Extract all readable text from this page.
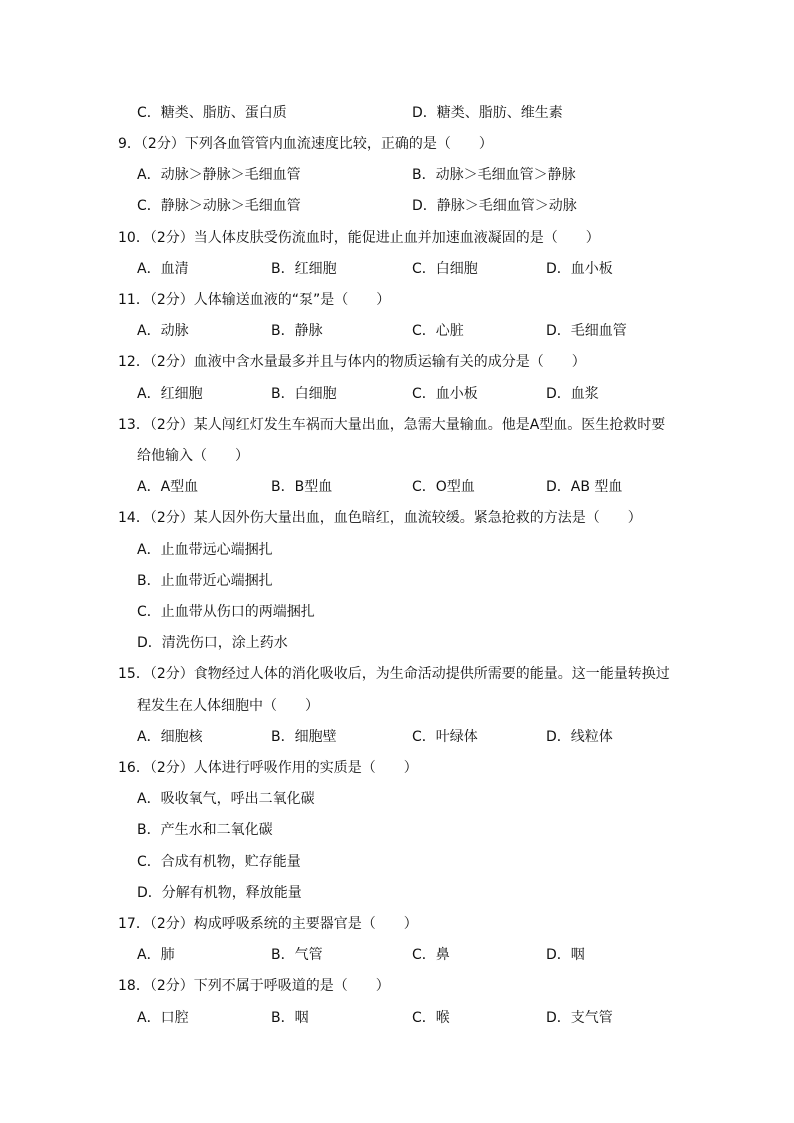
C．糖类、脂肪、蛋白质	D．糖类、脂肪、维生素
9．（2分）下列各血管管内血流速度比较，正确的是（　　）
A．动脉＞静脉＞毛细血管	B．动脉＞毛细血管＞静脉
C．静脉＞动脉＞毛细血管	D．静脉＞毛细血管＞动脉
10．（2分）当人体皮肤受伤流血时，能促进止血并加速血液凝固的是（　　）
A．血清	B．红细胞	C．白细胞	D．血小板
11．（2分）人体输送血液的“泵”是（　　）
A．动脉	B．静脉	C．心脏	D．毛细血管
12．（2分）血液中含水量最多并且与体内的物质运输有关的成分是（　　）
A．红细胞	B．白细胞	C．血小板	D．血浆
13．（2分）某人闯红灯发生车祸而大量出血，急需大量输血。他是A型血。医生抢救时要
给他输入（　　）
A．A型血	B．B型血	C．O型血	D．AB 型血
14．（2分）某人因外伤大量出血，血色暗红，血流较缓。紧急抢救的方法是（　　）
A．止血带远心端捆扎
B．止血带近心端捆扎
C．止血带从伤口的两端捆扎
D．清洗伤口，涂上药水
15．（2分）食物经过人体的消化吸收后，为生命活动提供所需要的能量。这一能量转换过
程发生在人体细胞中（　　）
A．细胞核	B．细胞壁	C．叶绿体	D．线粒体
16．（2分）人体进行呼吸作用的实质是（　　）
A．吸收氧气，呼出二氧化碳
B．产生水和二氧化碳
C．合成有机物，贮存能量
D．分解有机物，释放能量
17．（2分）构成呼吸系统的主要器官是（　　）
A．肺	B．气管	C．鼻	D．咽
18．（2分）下列不属于呼吸道的是（　　）
A．口腔	B．咽	C．喉	D．支气管
